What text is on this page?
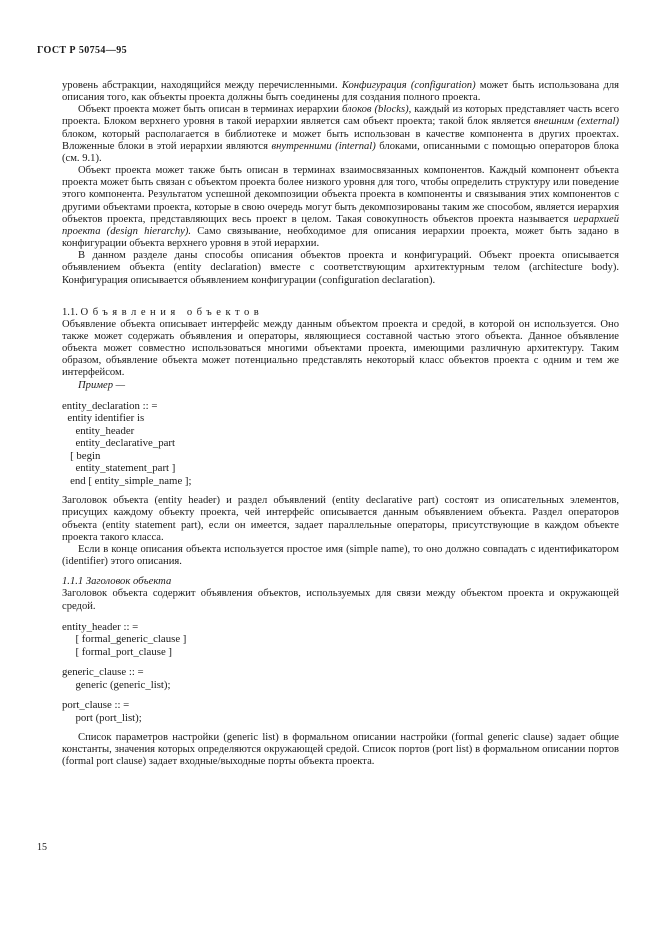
ГОСТ Р 50754—95

уровень абстракции, находящийся между перечисленными. Конфигурация (configuration) может быть использована для описания того, как объекты проекта должны быть соединены для создания полного проекта.

Объект проекта может быть описан в терминах иерархии блоков (blocks), каждый из которых представляет часть всего проекта. Блоком верхнего уровня в такой иерархии является сам объект проекта; такой блок является внешним (external) блоком, который располагается в библиотеке и может быть использован в качестве компонента в других проектах. Вложенные блоки в этой иерархии являются внутренними (internal) блоками, описанными с помощью операторов блока (см. 9.1).

Объект проекта может также быть описан в терминах взаимосвязанных компонентов. Каждый компонент объекта проекта может быть связан с объектом проекта более низкого уровня для того, чтобы определить структуру или поведение этого компонента. Результатом успешной декомпозиции объекта проекта в компоненты и связывания этих компонентов с другими объектами проекта, которые в свою очередь могут быть декомпозированы таким же способом, является иерархия объектов проекта, представляющих весь проект в целом. Такая совокупность объектов проекта называется иерархией проекта (design hierarchy). Само связывание, необходимое для описания иерархии проекта, может быть задано в конфигурации объекта верхнего уровня в этой иерархии.

В данном разделе даны способы описания объектов проекта и конфигураций. Объект проекта описывается объявлением объекта (entity declaration) вместе с соответствующим архитектурным телом (architecture body). Конфигурация описывается объявлением конфигурации (configuration declaration).

1.1. Объявления объектов

Объявление объекта описывает интерфейс между данным объектом проекта и средой, в которой он используется. Оно также может содержать объявления и операторы, являющиеся составной частью этого объекта. Данное объявление объекта может совместно использоваться многими объектами проекта, имеющими различную архитектуру. Таким образом, объявление объекта может потенциально представлять некоторый класс объектов проекта с одним и тем же интерфейсом.

Пример —

entity_declaration :: =
entity identifier is
entity_header
entity_declarative_part
[ begin
entity_statement_part ]
end [ entity_simple_name ];

Заголовок объекта (entity header) и раздел объявлений (entity declarative part) состоят из описательных элементов, присущих каждому объекту проекта, чей интерфейс описывается данным объявлением объекта. Раздел операторов объекта (entity statement part), если он имеется, задает параллельные операторы, присутствующие в каждом объекте проекта такого класса.

Если в конце описания объекта используется простое имя (simple name), то оно должно совпадать с идентификатором (identifier) этого описания.

1.1.1 Заголовок объекта

Заголовок объекта содержит объявления объектов, используемых для связи между объектом проекта и окружающей средой.

entity_header :: =
[ formal_generic_clause ]
[ formal_port_clause ]
generic_clause :: =
generic (generic_list);
port_clause :: =
port (port_list);

Список параметров настройки (generic list) в формальном описании настройки (formal generic clause) задает общие константы, значения которых определяются окружающей средой. Список портов (port list) в формальном описании портов (formal port clause) задает входные/выходные порты объекта проекта.

15
